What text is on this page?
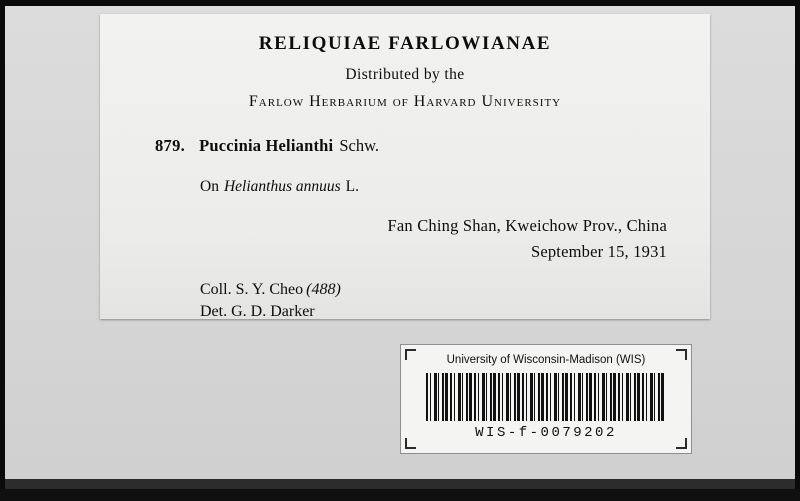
RELIQUIAE FARLOWIANAE
Distributed by the
Farlow Herbarium of Harvard University
879. Puccinia Helianthi Schw.
On Helianthus annuus L.
Fan Ching Shan, Kweichow Prov., China
September 15, 1931
Coll. S. Y. Cheo (488)
Det. G. D. Darker
University of Wisconsin-Madison (WIS)
WIS-f-0079202
